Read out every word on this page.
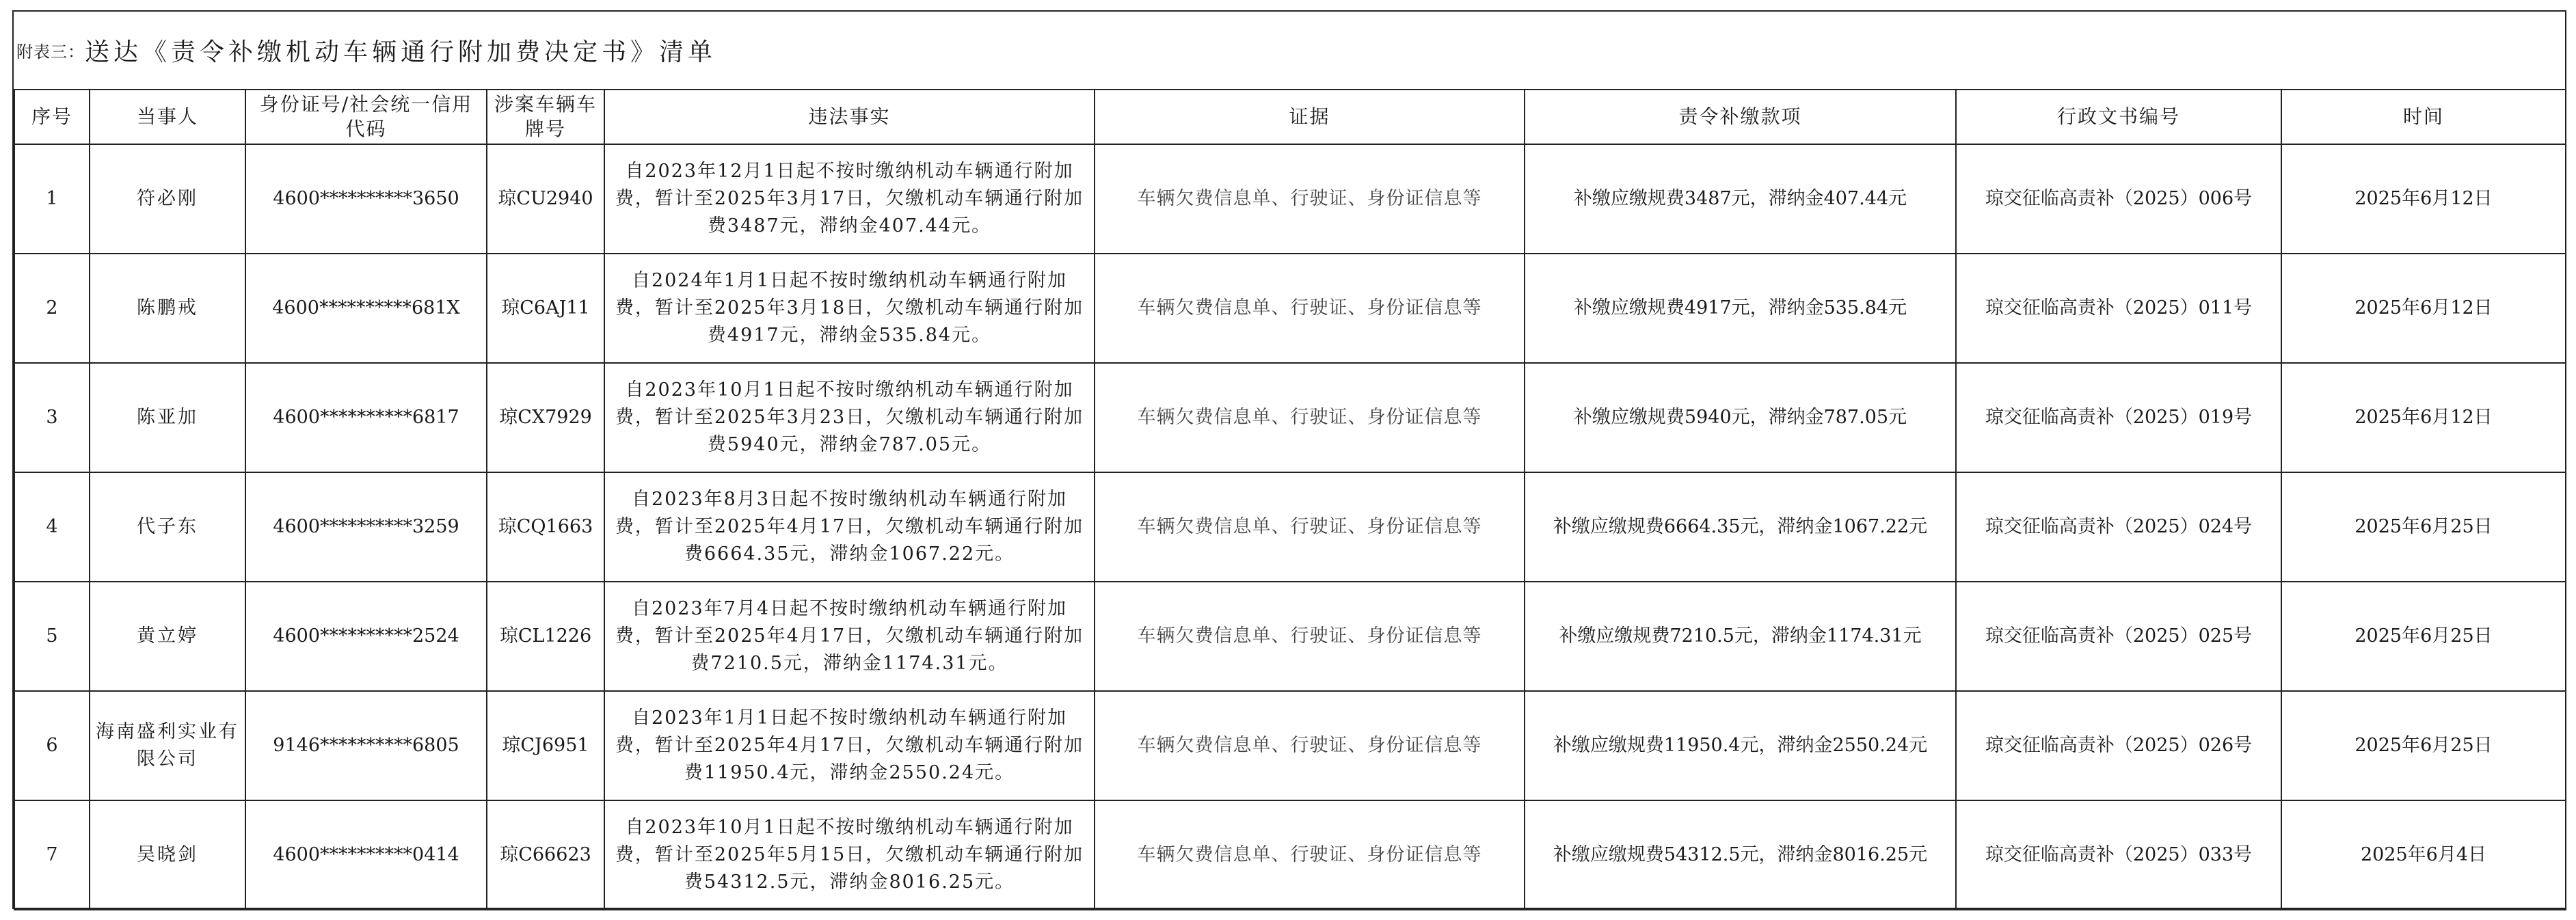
附表三： 送达《责令补缴机动车辆通行附加费决定书》清单
序号	当事人	身份证号/社会统一信用代码	涉案车辆车牌号	违法事实	证据	责令补缴款项	行政文书编号	时间
1	符必刚	4600**********3650	琼CU2940	自2023年12月1日起不按时缴纳机动车辆通行附加费，暂计至2025年3月17日，欠缴机动车辆通行附加费3487元，滞纳金407.44元。	车辆欠费信息单、行驶证、身份证信息等	补缴应缴规费3487元，滞纳金407.44元	琼交征临高责补（2025）006号	2025年6月12日
2	陈鹏戒	4600**********681X	琼C6AJ11	自2024年1月1日起不按时缴纳机动车辆通行附加费，暂计至2025年3月18日，欠缴机动车辆通行附加费4917元，滞纳金535.84元。	车辆欠费信息单、行驶证、身份证信息等	补缴应缴规费4917元，滞纳金535.84元	琼交征临高责补（2025）011号	2025年6月12日
3	陈亚加	4600**********6817	琼CX7929	自2023年10月1日起不按时缴纳机动车辆通行附加费，暂计至2025年3月23日，欠缴机动车辆通行附加费5940元，滞纳金787.05元。	车辆欠费信息单、行驶证、身份证信息等	补缴应缴规费5940元，滞纳金787.05元	琼交征临高责补（2025）019号	2025年6月12日
4	代子东	4600**********3259	琼CQ1663	自2023年8月3日起不按时缴纳机动车辆通行附加费，暂计至2025年4月17日，欠缴机动车辆通行附加费6664.35元，滞纳金1067.22元。	车辆欠费信息单、行驶证、身份证信息等	补缴应缴规费6664.35元，滞纳金1067.22元	琼交征临高责补（2025）024号	2025年6月25日
5	黄立婷	4600**********2524	琼CL1226	自2023年7月4日起不按时缴纳机动车辆通行附加费，暂计至2025年4月17日，欠缴机动车辆通行附加费7210.5元，滞纳金1174.31元。	车辆欠费信息单、行驶证、身份证信息等	补缴应缴规费7210.5元，滞纳金1174.31元	琼交征临高责补（2025）025号	2025年6月25日
6	海南盛利实业有限公司	9146**********6805	琼CJ6951	自2023年1月1日起不按时缴纳机动车辆通行附加费，暂计至2025年4月17日，欠缴机动车辆通行附加费11950.4元，滞纳金2550.24元。	车辆欠费信息单、行驶证、身份证信息等	补缴应缴规费11950.4元，滞纳金2550.24元	琼交征临高责补（2025）026号	2025年6月25日
7	吴晓剑	4600**********0414	琼C66623	自2023年10月1日起不按时缴纳机动车辆通行附加费，暂计至2025年5月15日，欠缴机动车辆通行附加费54312.5元，滞纳金8016.25元。	车辆欠费信息单、行驶证、身份证信息等	补缴应缴规费54312.5元，滞纳金8016.25元	琼交征临高责补（2025）033号	2025年6月4日
